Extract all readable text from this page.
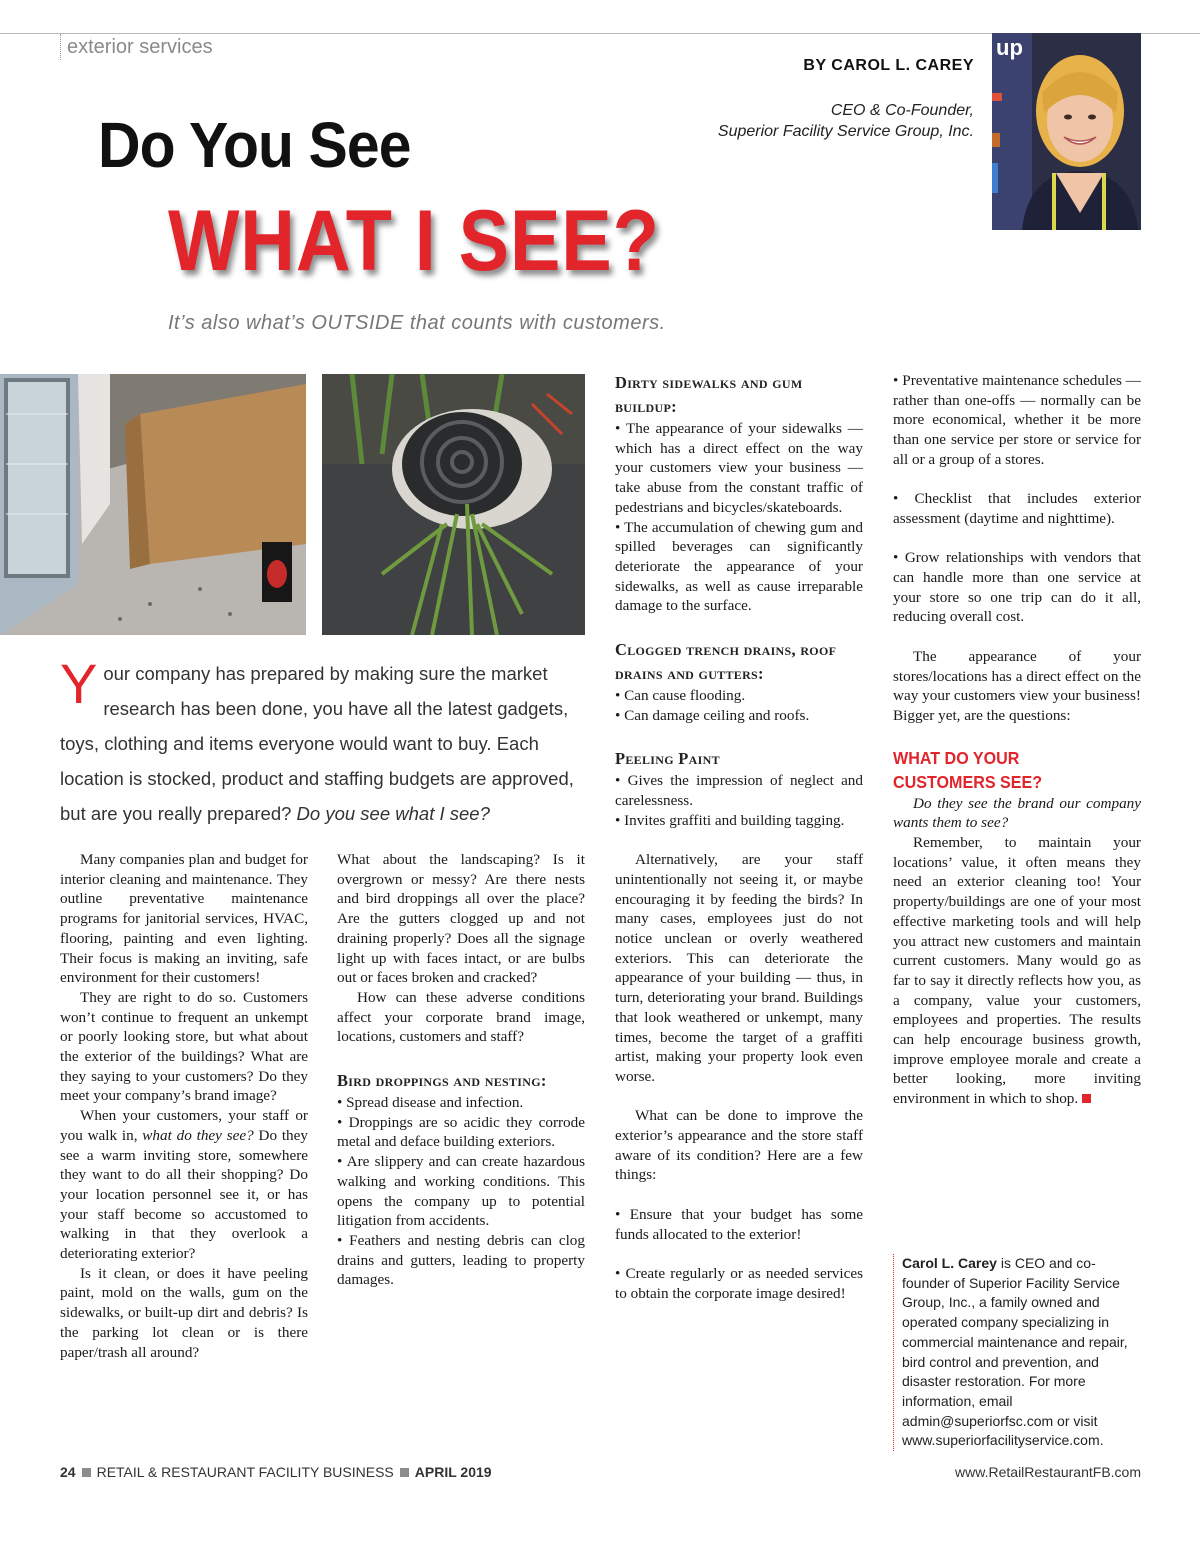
exterior services
BY CAROL L. CAREY
CEO & Co-Founder,
Superior Facility Service Group, Inc.
up
Do You See
WHAT I SEE?
It’s also what’s OUTSIDE that counts with customers.
Your company has prepared by making sure the market research has been done, you have all the latest gadgets, toys, clothing and items everyone would want to buy. Each location is stocked, product and staffing budgets are approved, but are you really prepared? Do you see what I see?

Many companies plan and budget for interior cleaning and maintenance. They outline preventative maintenance programs for janitorial services, HVAC, flooring, painting and even lighting. Their focus is making an inviting, safe environment for their customers!

They are right to do so. Customers won’t continue to frequent an unkempt or poorly looking store, but what about the exterior of the buildings? What are they saying to your customers? Do they meet your company’s brand image?

When your customers, your staff or you walk in, what do they see? Do they see a warm inviting store, somewhere they want to do all their shopping? Do your location personnel see it, or has your staff become so accustomed to walking in that they overlook a deteriorating exterior?

Is it clean, or does it have peeling paint, mold on the walls, gum on the sidewalks, or built-up dirt and debris? Is the parking lot clean or is there paper/trash all around?

What about the landscaping? Is it overgrown or messy? Are there nests and bird droppings all over the place? Are the gutters clogged up and not draining properly? Does all the signage light up with faces intact, or are bulbs out or faces broken and cracked?

How can these adverse conditions affect your corporate brand image, locations, customers and staff?

Bird droppings and nesting:

• Spread disease and infection.

• Droppings are so acidic they corrode metal and deface building exteriors.

• Are slippery and can create hazardous walking and working conditions. This opens the company up to potential litigation from accidents.

• Feathers and nesting debris can clog drains and gutters, leading to property damages.

Dirty sidewalks and gum buildup:

• The appearance of your sidewalks — which has a direct effect on the way your customers view your business — take abuse from the constant traffic of pedestrians and bicycles/skateboards.

• The accumulation of chewing gum and spilled beverages can significantly deteriorate the appearance of your sidewalks, as well as cause irreparable damage to the surface.

Clogged trench drains, roof drains and gutters:

• Can cause flooding.

• Can damage ceiling and roofs.

Peeling Paint

• Gives the impression of neglect and carelessness.

• Invites graffiti and building tagging.

Alternatively, are your staff unintentionally not seeing it, or maybe encouraging it by feeding the birds? In many cases, employees just do not notice unclean or overly weathered exteriors. This can deteriorate the appearance of your building — thus, in turn, deteriorating your brand. Buildings that look weathered or unkempt, many times, become the target of a graffiti artist, making your property look even worse.

What can be done to improve the exterior’s appearance and the store staff aware of its condition? Here are a few things:

• Ensure that your budget has some funds allocated to the exterior!

• Create regularly or as needed services to obtain the corporate image desired!

• Preventative maintenance schedules — rather than one-offs — normally can be more economical, whether it be more than one service per store or service for all or a group of a stores.

• Checklist that includes exterior assessment (daytime and nighttime).

• Grow relationships with vendors that can handle more than one service at your store so one trip can do it all, reducing overall cost.

The appearance of your stores/locations has a direct effect on the way your customers view your business! Bigger yet, are the questions:

WHAT DO YOUR CUSTOMERS SEE?

Do they see the brand our company wants them to see?

Remember, to maintain your locations’ value, it often means they need an exterior cleaning too! Your property/buildings are one of your most effective marketing tools and will help you attract new customers and maintain current customers. Many would go as far to say it directly reflects how you, as a company, value your customers, employees and properties. The results can help encourage business growth, improve employee morale and create a better looking, more inviting environment in which to shop.

Carol L. Carey is CEO and co-founder of Superior Facility Service Group, Inc., a family owned and operated company specializing in commercial maintenance and repair, bird control and prevention, and disaster restoration. For more information, email admin@superiorfsc.com or visit www.superiorfacilityservice.com.
24 RETAIL & RESTAURANT FACILITY BUSINESS APRIL 2019	www.RetailRestaurantFB.com
